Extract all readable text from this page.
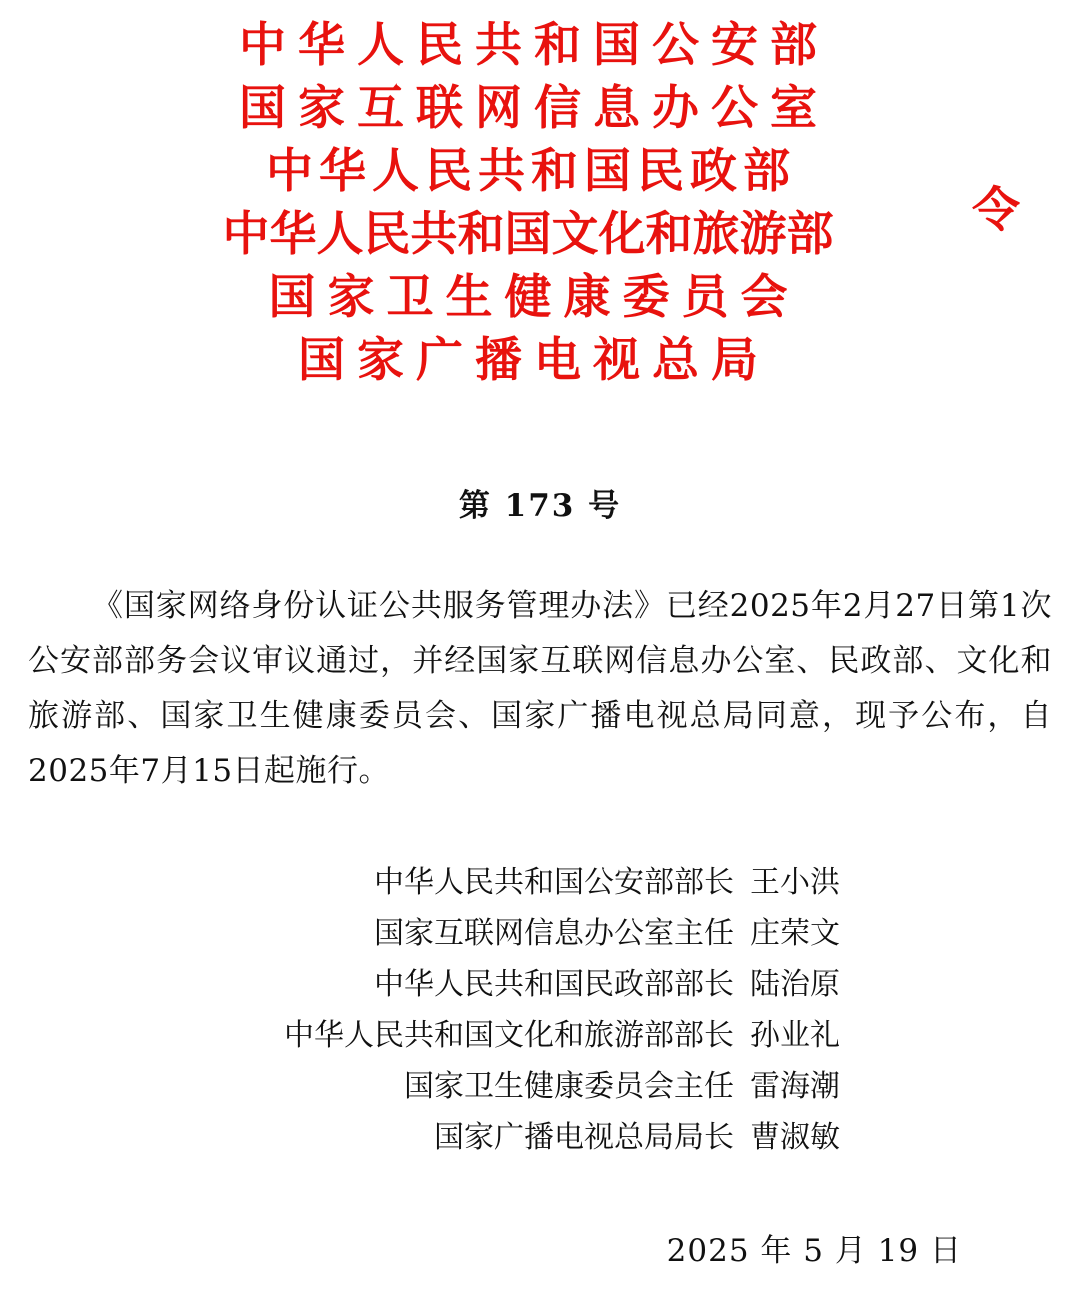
中华人民共和国公安部
国家互联网信息办公室
中华人民共和国民政部
中华人民共和国文化和旅游部
国家卫生健康委员会
国家广播电视总局
令
第 173 号
《国家网络身份认证公共服务管理办法》已经2025年2月27日第1次公安部部务会议审议通过，并经国家互联网信息办公室、民政部、文化和旅游部、国家卫生健康委员会、国家广播电视总局同意，现予公布，自2025年7月15日起施行。
中华人民共和国公安部部长 王小洪
国家互联网信息办公室主任 庄荣文
中华人民共和国民政部部长 陆治原
中华人民共和国文化和旅游部部长 孙业礼
国家卫生健康委员会主任 雷海潮
国家广播电视总局局长 曹淑敏
2025 年 5 月 19 日
